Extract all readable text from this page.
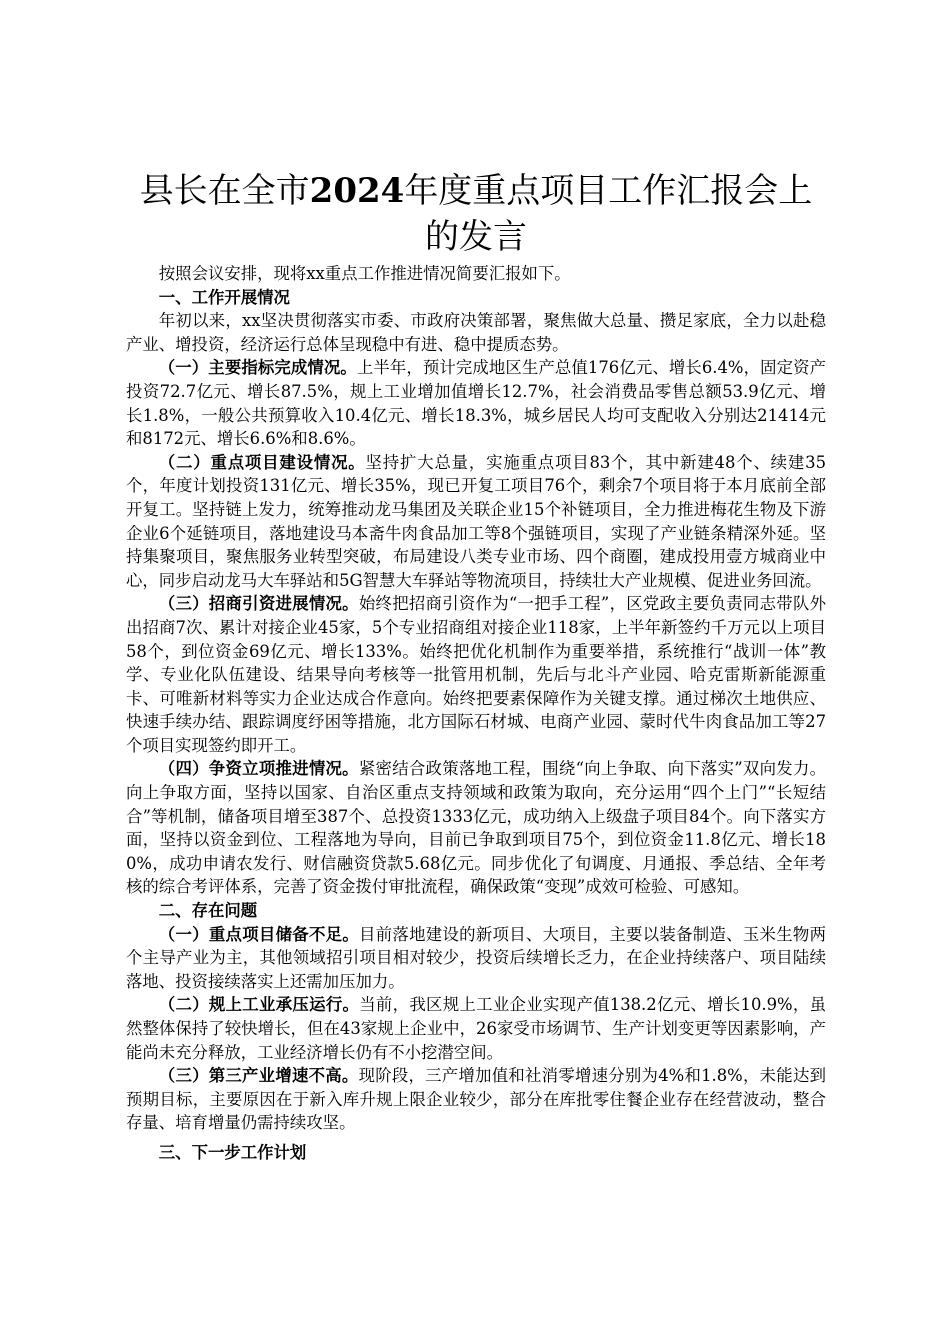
县长在全市2024年度重点项目工作汇报会上的发言

按照会议安排，现将xx重点工作推进情况简要汇报如下。

一、工作开展情况

年初以来，xx坚决贯彻落实市委、市政府决策部署，聚焦做大总量、攒足家底，全力以赴稳产业、增投资，经济运行总体呈现稳中有进、稳中提质态势。

（一）主要指标完成情况。上半年，预计完成地区生产总值176亿元、增长6.4%，固定资产投资72.7亿元、增长87.5%，规上工业增加值增长12.7%，社会消费品零售总额53.9亿元、增长1.8%，一般公共预算收入10.4亿元、增长18.3%，城乡居民人均可支配收入分别达21414元和8172元、增长6.6%和8.6%。

（二）重点项目建设情况。坚持扩大总量，实施重点项目83个，其中新建48个、续建35个，年度计划投资131亿元、增长35%，现已开复工项目76个，剩余7个项目将于本月底前全部开复工。坚持链上发力，统筹推动龙马集团及关联企业15个补链项目，全力推进梅花生物及下游企业6个延链项目，落地建设马本斋牛肉食品加工等8个强链项目，实现了产业链条精深外延。坚持集聚项目，聚焦服务业转型突破，布局建设八类专业市场、四个商圈，建成投用壹方城商业中心，同步启动龙马大车驿站和5G智慧大车驿站等物流项目，持续壮大产业规模、促进业务回流。

（三）招商引资进展情况。始终把招商引资作为“一把手工程”，区党政主要负责同志带队外出招商7次、累计对接企业45家，5个专业招商组对接企业118家，上半年新签约千万元以上项目58个，到位资金69亿元、增长133%。始终把优化机制作为重要举措，系统推行“战训一体”教学、专业化队伍建设、结果导向考核等一批管用机制，先后与北斗产业园、哈克雷斯新能源重卡、可唯新材料等实力企业达成合作意向。始终把要素保障作为关键支撑。通过梯次土地供应、快速手续办结、跟踪调度纾困等措施，北方国际石材城、电商产业园、蒙时代牛肉食品加工等27个项目实现签约即开工。

（四）争资立项推进情况。紧密结合政策落地工程，围绕“向上争取、向下落实”双向发力。向上争取方面，坚持以国家、自治区重点支持领域和政策为取向，充分运用“四个上门”“长短结合”等机制，储备项目增至387个、总投资1333亿元，成功纳入上级盘子项目84个。向下落实方面，坚持以资金到位、工程落地为导向，目前已争取到项目75个，到位资金11.8亿元、增长180%，成功申请农发行、财信融资贷款5.68亿元。同步优化了旬调度、月通报、季总结、全年考核的综合考评体系，完善了资金拨付审批流程，确保政策“变现”成效可检验、可感知。

二、存在问题

（一）重点项目储备不足。目前落地建设的新项目、大项目，主要以装备制造、玉米生物两个主导产业为主，其他领域招引项目相对较少，投资后续增长乏力，在企业持续落户、项目陆续落地、投资接续落实上还需加压加力。

（二）规上工业承压运行。当前，我区规上工业企业实现产值138.2亿元、增长10.9%，虽然整体保持了较快增长，但在43家规上企业中，26家受市场调节、生产计划变更等因素影响，产能尚未充分释放，工业经济增长仍有不小挖潜空间。

（三）第三产业增速不高。现阶段，三产增加值和社消零增速分别为4%和1.8%，未能达到预期目标，主要原因在于新入库升规上限企业较少，部分在库批零住餐企业存在经营波动，整合存量、培育增量仍需持续攻坚。

三、下一步工作计划
